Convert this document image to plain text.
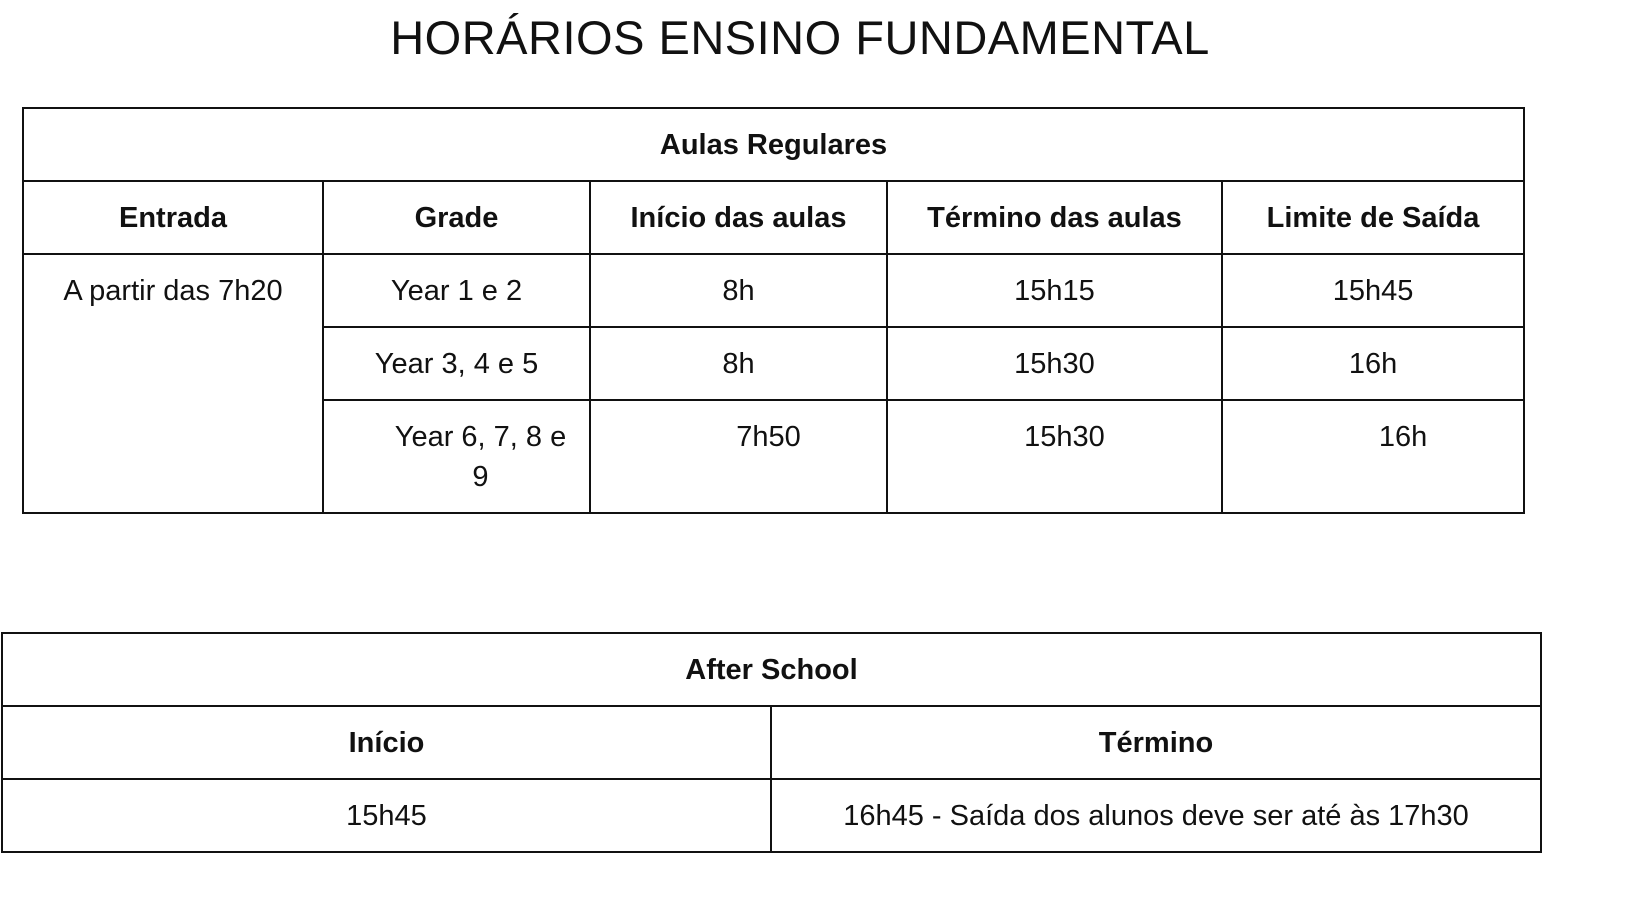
HORÁRIOS ENSINO FUNDAMENTAL
Aulas Regulares				
Entrada	Grade	Início das aulas	Término das aulas	Limite de Saída
A partir das 7h20	Year 1 e 2	8h	15h15	15h45
	Year 3, 4 e 5	8h	15h30	16h
	Year 6, 7, 8 e 9	7h50	15h30	16h
After School	
Início	Término
15h45	16h45 - Saída dos alunos deve ser até às 17h30
